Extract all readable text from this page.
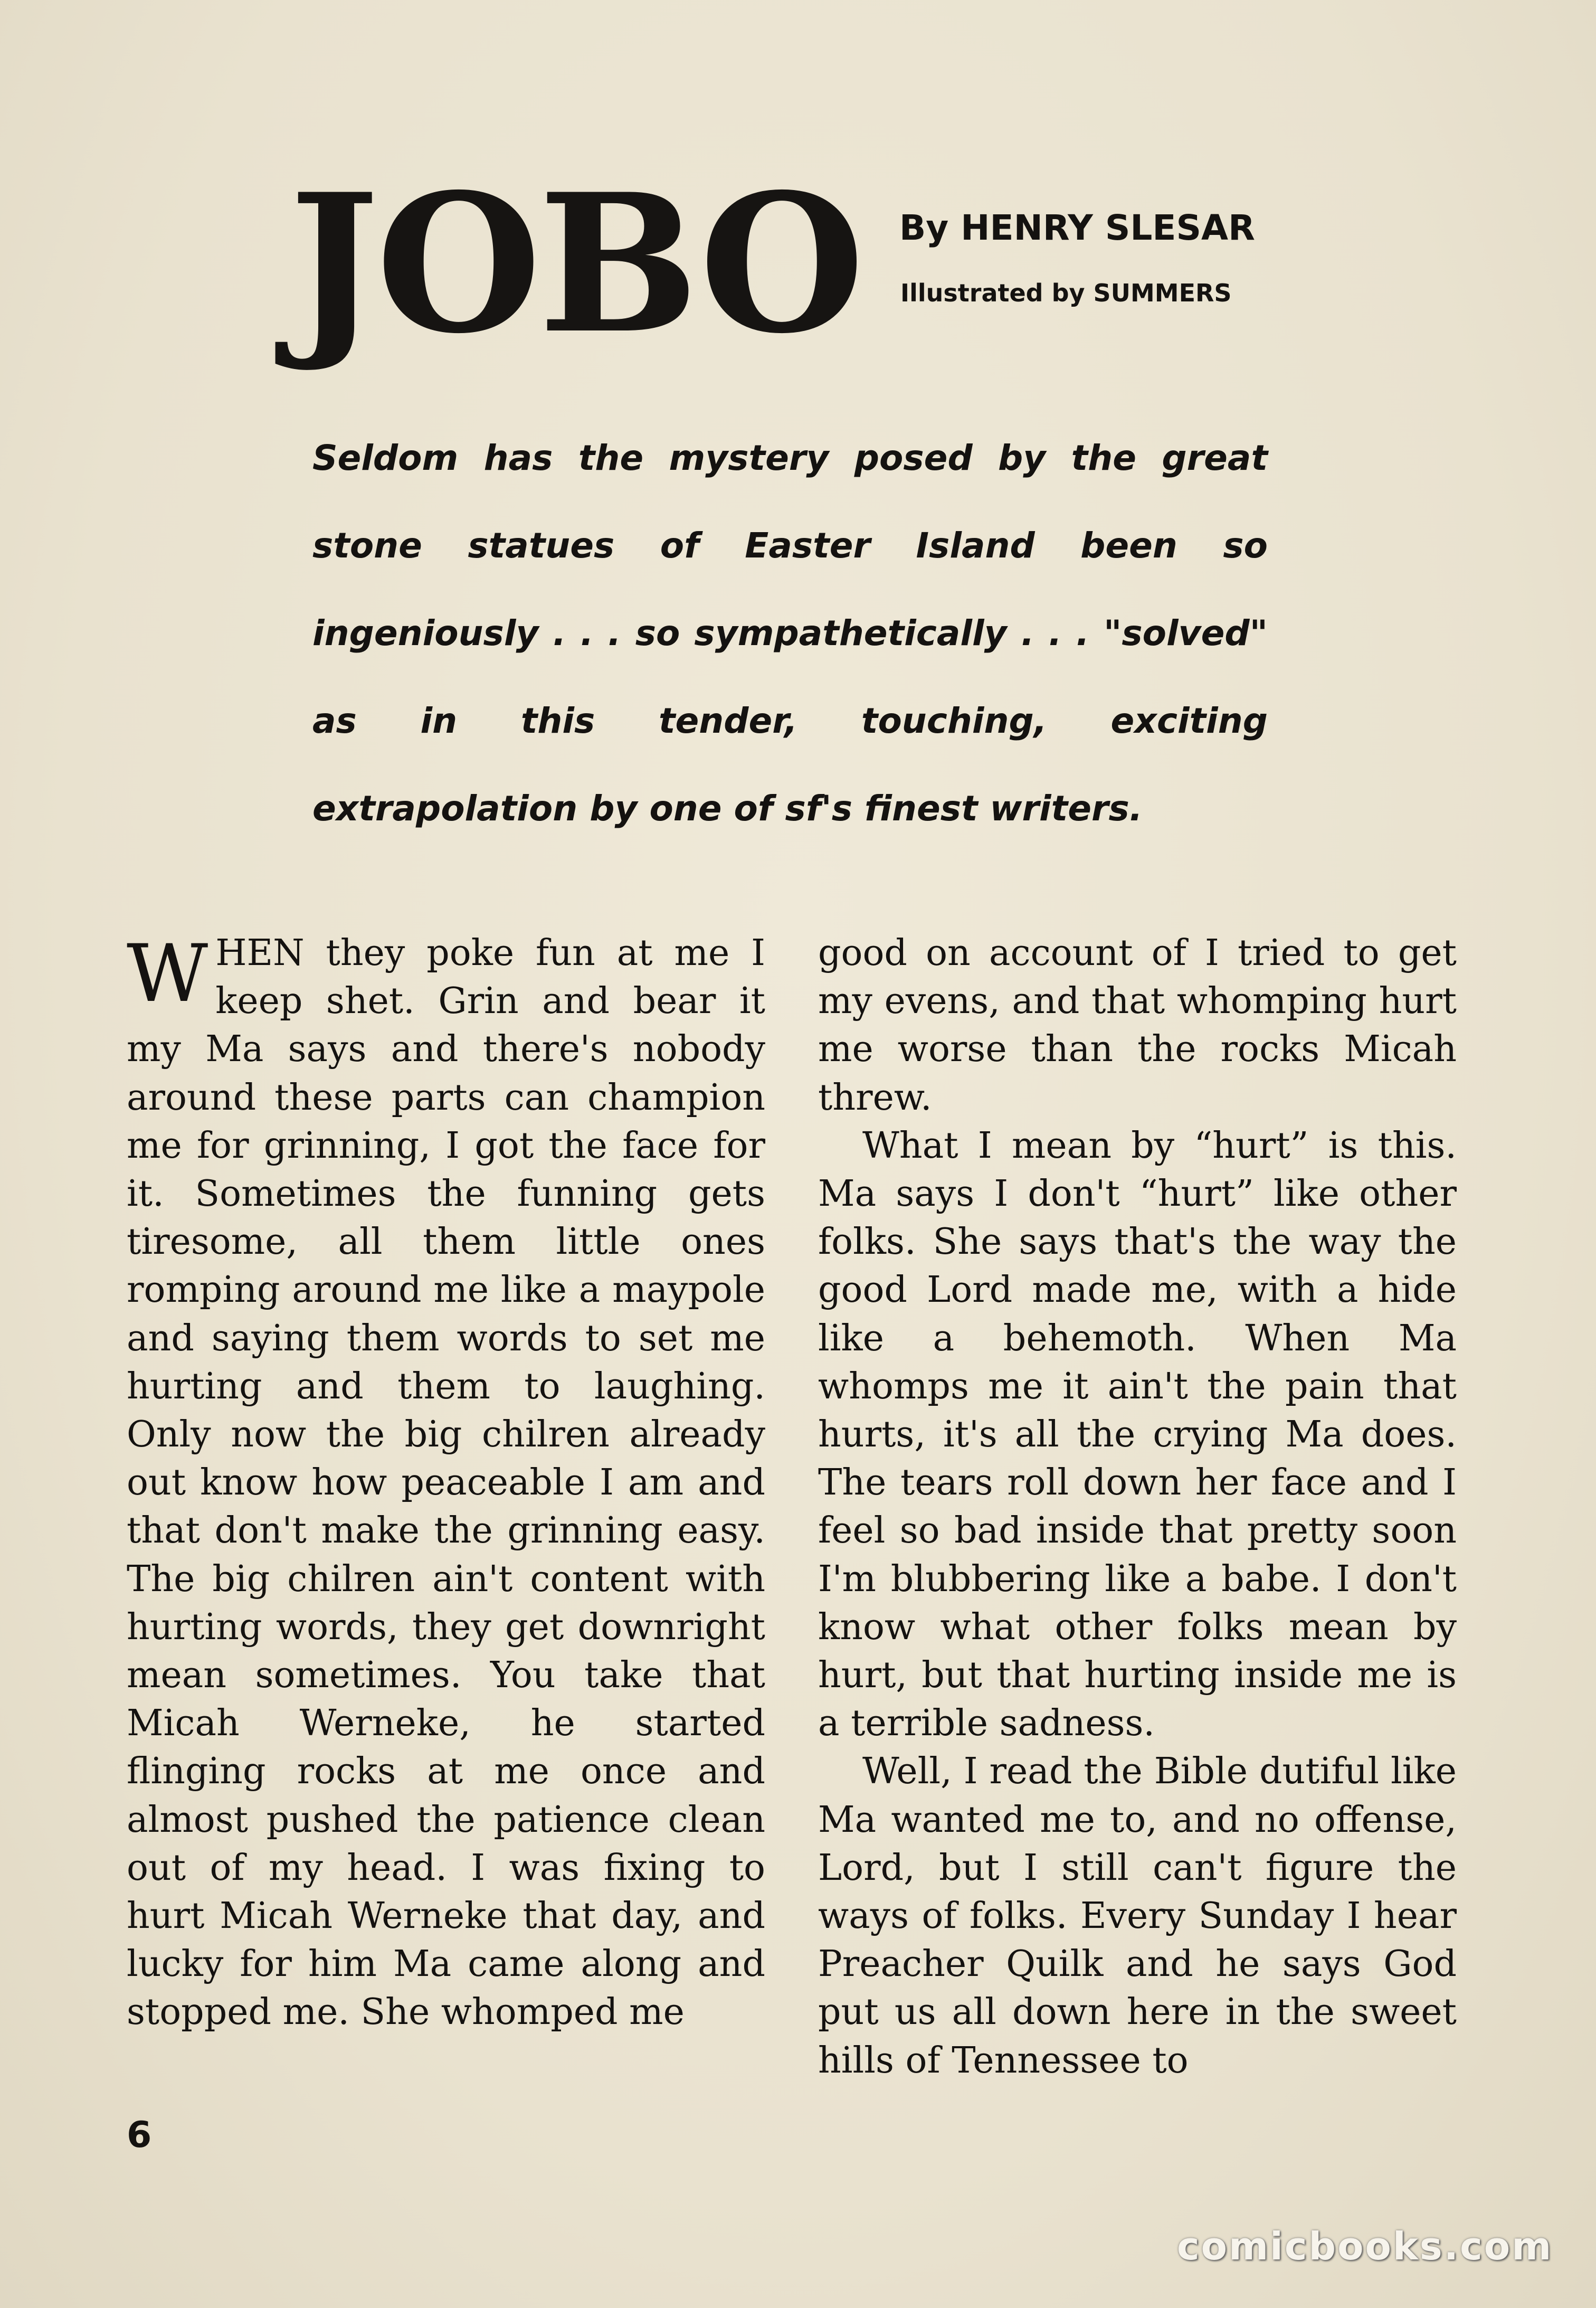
JOBO By HENRY SLESAR
Illustrated by SUMMERS
Seldom has the mystery posed by the great stone statues of Easter Island been so ingeniously . . . so sympathetically . . . "solved" as in this tender, touching, exciting extrapolation by one of sf's finest writers.

WHEN they poke fun at me I keep shet. Grin and bear it my Ma says and there's nobody around these parts can champion me for grinning, I got the face for it. Sometimes the funning gets tiresome, all them little ones romping around me like a maypole and saying them words to set me hurting and them to laughing. Only now the big chilren already out know how peaceable I am and that don't make the grinning easy. The big chilren ain't content with hurting words, they get downright mean sometimes. You take that Micah Werneke, he started flinging rocks at me once and almost pushed the patience clean out of my head. I was fixing to hurt Micah Werneke that day, and lucky for him Ma came along and stopped me. She whomped me

good on account of I tried to get my evens, and that whomping hurt me worse than the rocks Micah threw.

What I mean by “hurt” is this. Ma says I don't “hurt” like other folks. She says that's the way the good Lord made me, with a hide like a behemoth. When Ma whomps me it ain't the pain that hurts, it's all the crying Ma does. The tears roll down her face and I feel so bad inside that pretty soon I'm blubbering like a babe. I don't know what other folks mean by hurt, but that hurting inside me is a terrible sadness.

Well, I read the Bible dutiful like Ma wanted me to, and no offense, Lord, but I still can't figure the ways of folks. Every Sunday I hear Preacher Quilk and he says God put us all down here in the sweet hills of Tennessee to

6
comicbooks.com
